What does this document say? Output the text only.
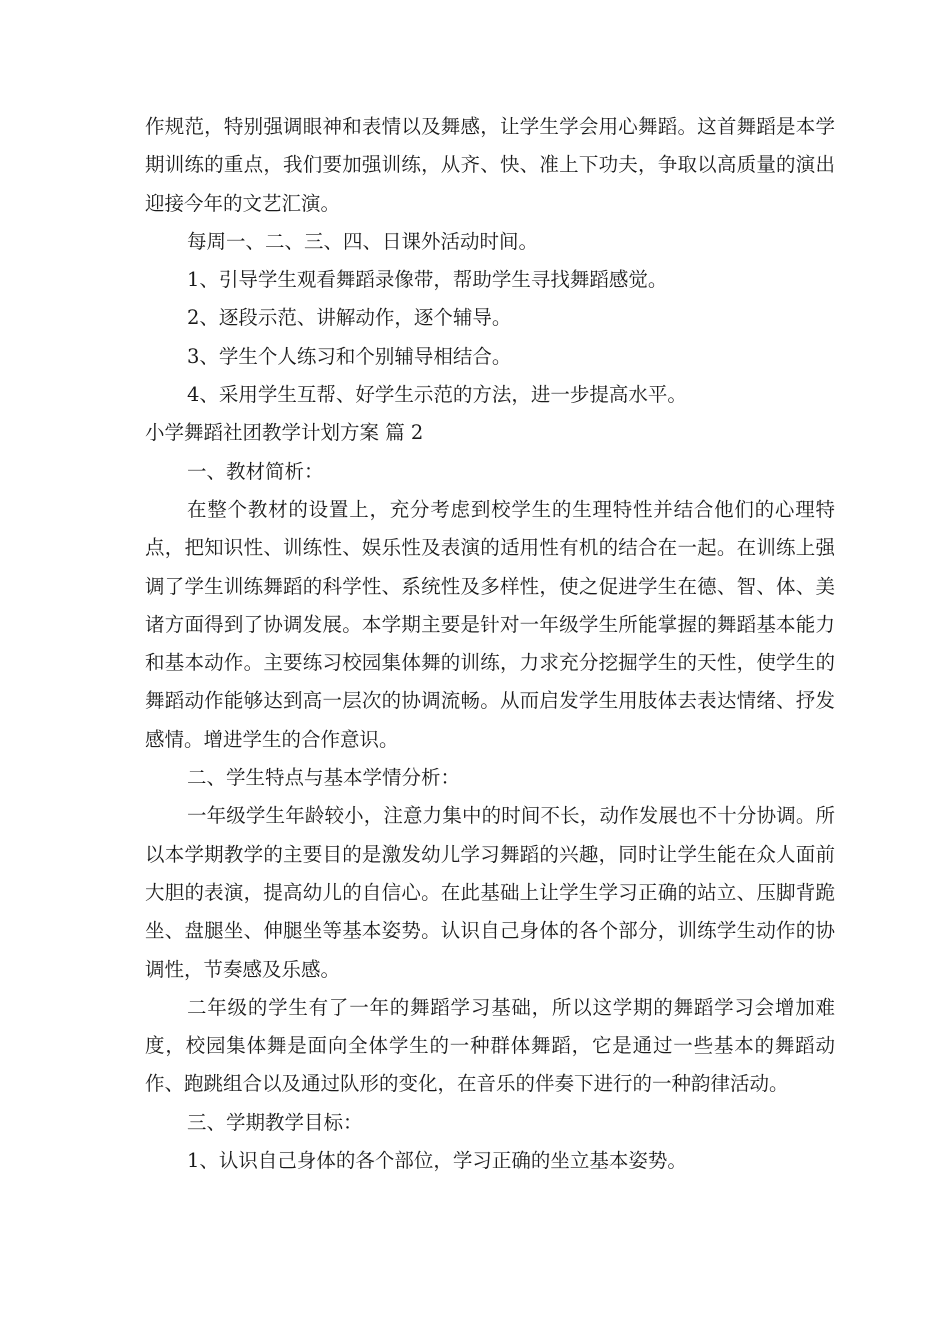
作规范，特别强调眼神和表情以及舞感，让学生学会用心舞蹈。这首舞蹈是本学期训练的重点，我们要加强训练，从齐、快、准上下功夫，争取以高质量的演出迎接今年的文艺汇演。

每周一、二、三、四、日课外活动时间。

1、引导学生观看舞蹈录像带，帮助学生寻找舞蹈感觉。

2、逐段示范、讲解动作，逐个辅导。

3、学生个人练习和个别辅导相结合。

4、采用学生互帮、好学生示范的方法，进一步提高水平。

小学舞蹈社团教学计划方案 篇 2

一、教材简析：

在整个教材的设置上，充分考虑到校学生的生理特性并结合他们的心理特点，把知识性、训练性、娱乐性及表演的适用性有机的结合在一起。在训练上强调了学生训练舞蹈的科学性、系统性及多样性，使之促进学生在德、智、体、美诸方面得到了协调发展。本学期主要是针对一年级学生所能掌握的舞蹈基本能力和基本动作。主要练习校园集体舞的训练，力求充分挖掘学生的天性，使学生的舞蹈动作能够达到高一层次的协调流畅。从而启发学生用肢体去表达情绪、抒发感情。增进学生的合作意识。

二、学生特点与基本学情分析：

一年级学生年龄较小，注意力集中的时间不长，动作发展也不十分协调。所以本学期教学的主要目的是激发幼儿学习舞蹈的兴趣，同时让学生能在众人面前大胆的表演，提高幼儿的自信心。在此基础上让学生学习正确的站立、压脚背跪坐、盘腿坐、伸腿坐等基本姿势。认识自己身体的各个部分，训练学生动作的协调性，节奏感及乐感。

二年级的学生有了一年的舞蹈学习基础，所以这学期的舞蹈学习会增加难度，校园集体舞是面向全体学生的一种群体舞蹈，它是通过一些基本的舞蹈动作、跑跳组合以及通过队形的变化，在音乐的伴奏下进行的一种韵律活动。

三、学期教学目标：

1、认识自己身体的各个部位，学习正确的坐立基本姿势。
